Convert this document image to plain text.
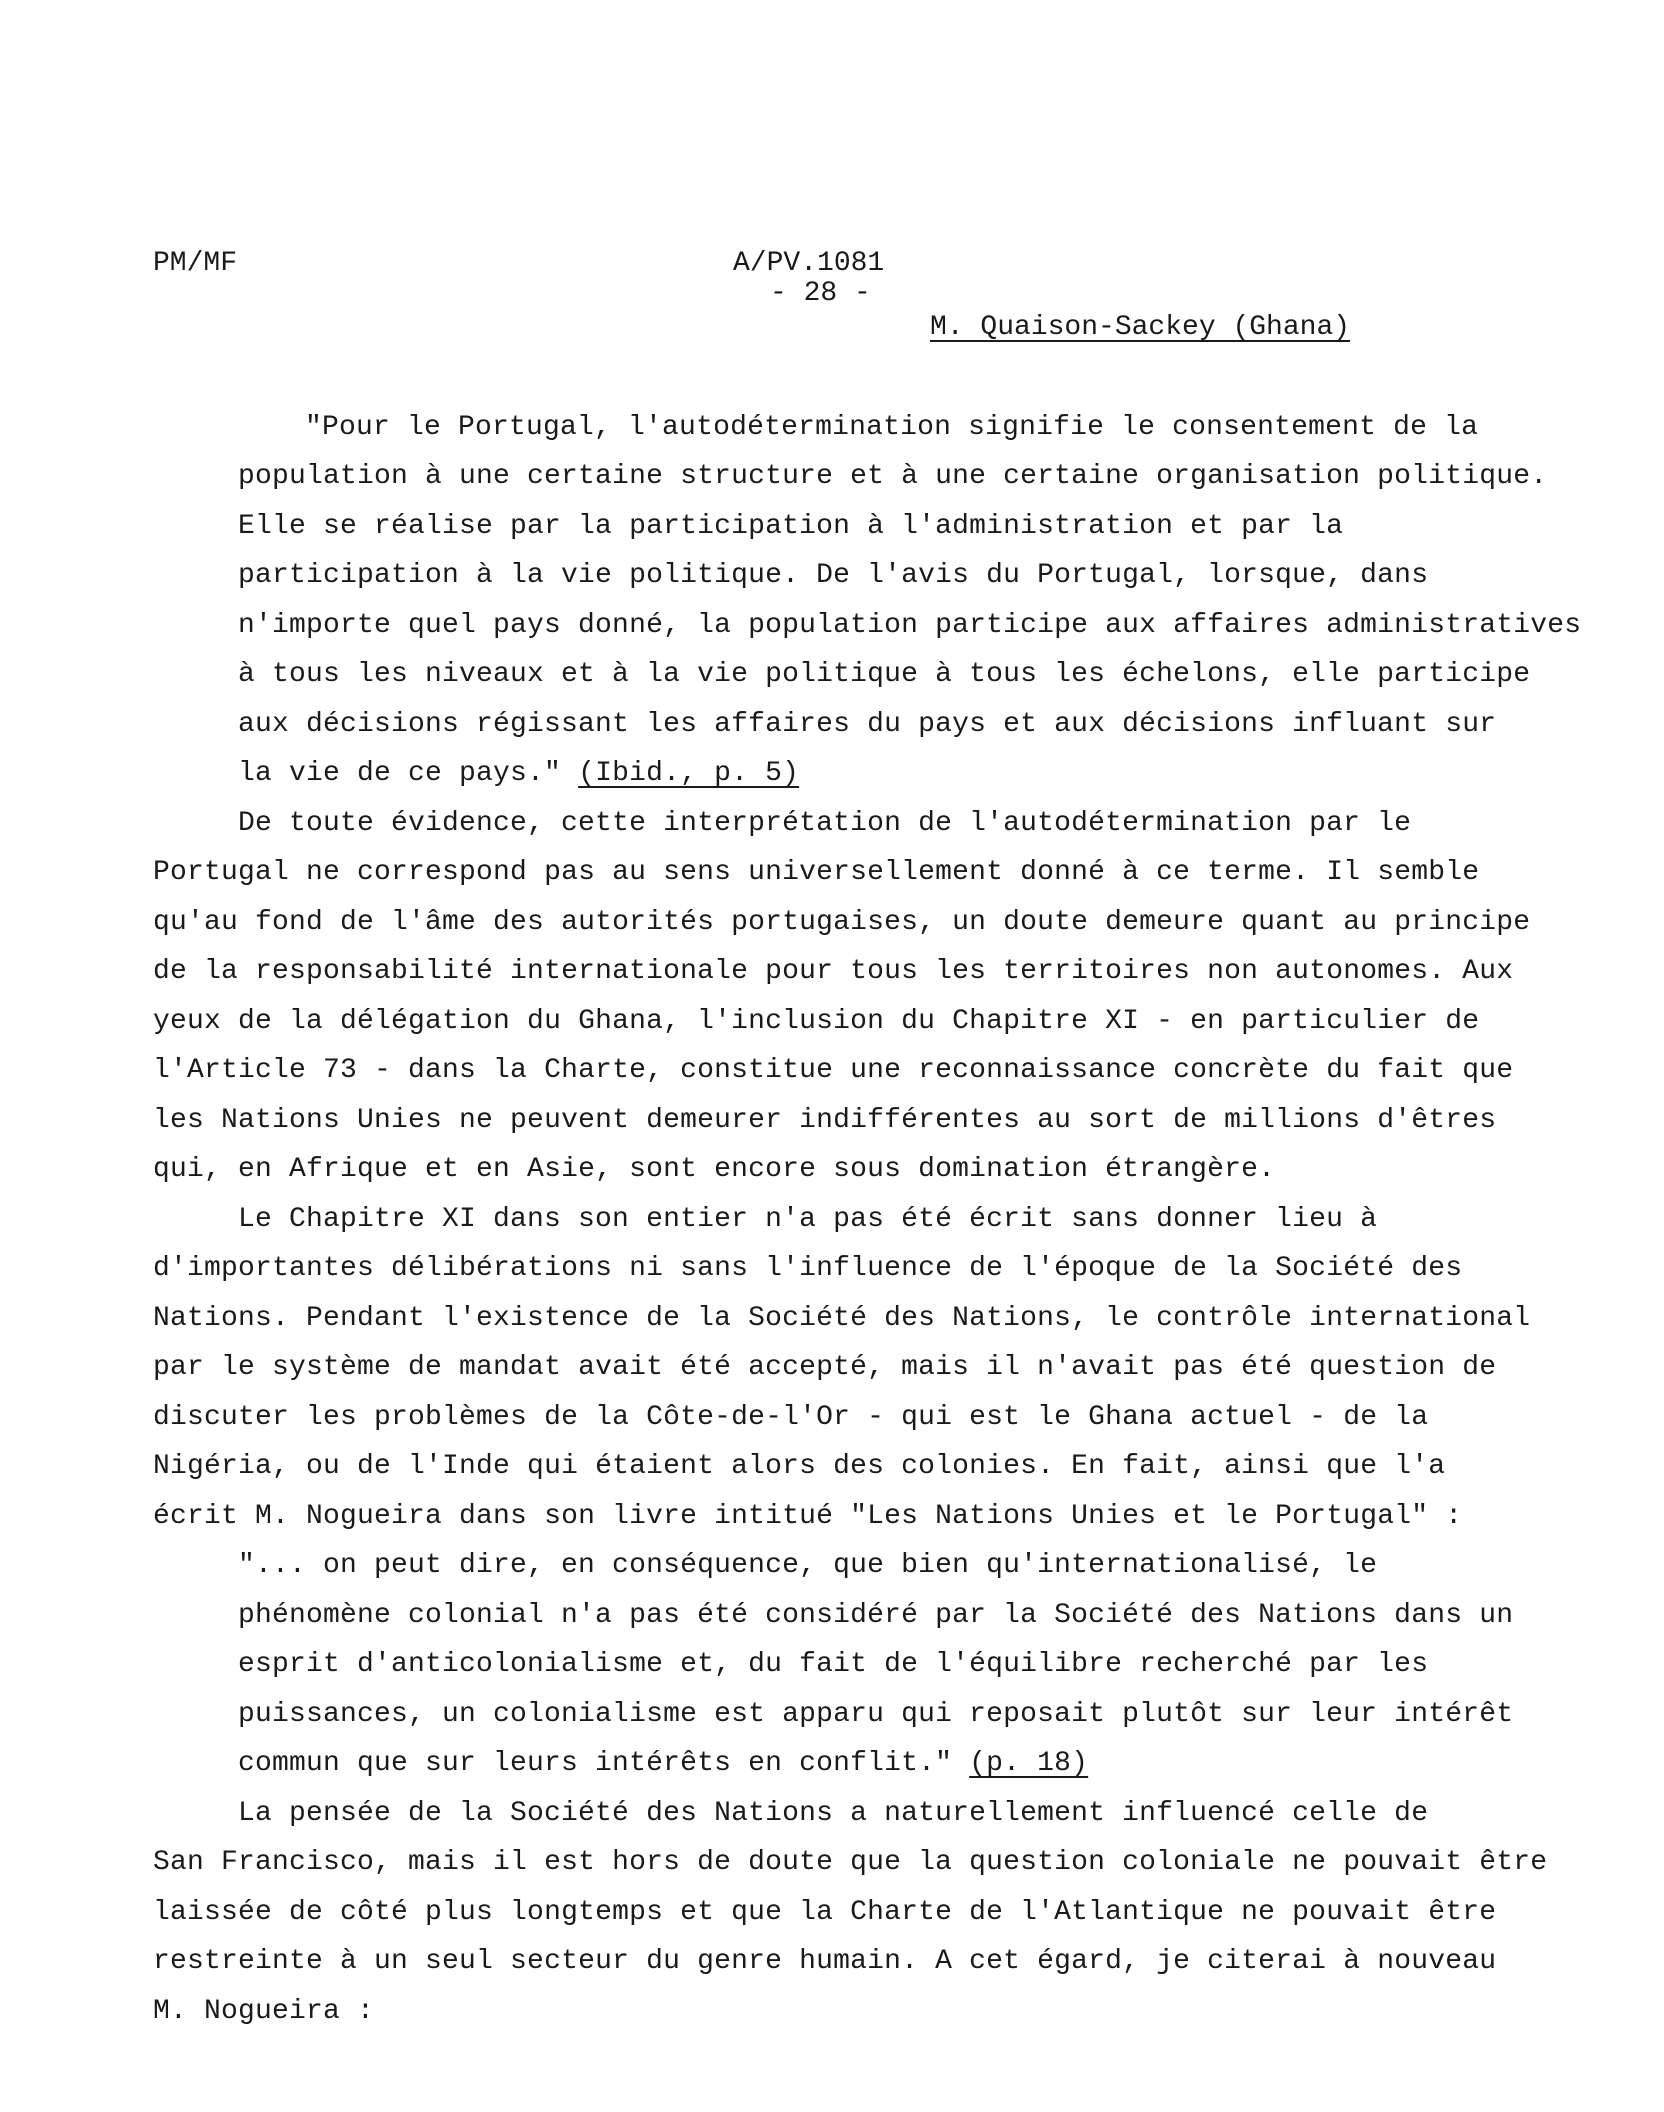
PM/MF	A/PV.1081
- 28 -
M. Quaison-Sackey (Ghana)
"Pour le Portugal, l'autodétermination signifie le consentement de la
population à une certaine structure et à une certaine organisation politique.
Elle se réalise par la participation à l'administration et par la
participation à la vie politique. De l'avis du Portugal, lorsque, dans
n'importe quel pays donné, la population participe aux affaires administratives
à tous les niveaux et à la vie politique à tous les échelons, elle participe
aux décisions régissant les affaires du pays et aux décisions influant sur
la vie de ce pays." (Ibid., p. 5)
De toute évidence, cette interprétation de l'autodétermination par le
Portugal ne correspond pas au sens universellement donné à ce terme. Il semble
qu'au fond de l'âme des autorités portugaises, un doute demeure quant au principe
de la responsabilité internationale pour tous les territoires non autonomes. Aux
yeux de la délégation du Ghana, l'inclusion du Chapitre XI - en particulier de
l'Article 73 - dans la Charte, constitue une reconnaissance concrète du fait que
les Nations Unies ne peuvent demeurer indifférentes au sort de millions d'êtres
qui, en Afrique et en Asie, sont encore sous domination étrangère.
Le Chapitre XI dans son entier n'a pas été écrit sans donner lieu à
d'importantes délibérations ni sans l'influence de l'époque de la Société des
Nations. Pendant l'existence de la Société des Nations, le contrôle international
par le système de mandat avait été accepté, mais il n'avait pas été question de
discuter les problèmes de la Côte-de-l'Or - qui est le Ghana actuel - de la
Nigéria, ou de l'Inde qui étaient alors des colonies. En fait, ainsi que l'a
écrit M. Nogueira dans son livre intitué "Les Nations Unies et le Portugal" :
"... on peut dire, en conséquence, que bien qu'internationalisé, le
phénomène colonial n'a pas été considéré par la Société des Nations dans un
esprit d'anticolonialisme et, du fait de l'équilibre recherché par les
puissances, un colonialisme est apparu qui reposait plutôt sur leur intérêt
commun que sur leurs intérêts en conflit." (p. 18)
La pensée de la Société des Nations a naturellement influencé celle de
San Francisco, mais il est hors de doute que la question coloniale ne pouvait être
laissée de côté plus longtemps et que la Charte de l'Atlantique ne pouvait être
restreinte à un seul secteur du genre humain. A cet égard, je citerai à nouveau
M. Nogueira :
